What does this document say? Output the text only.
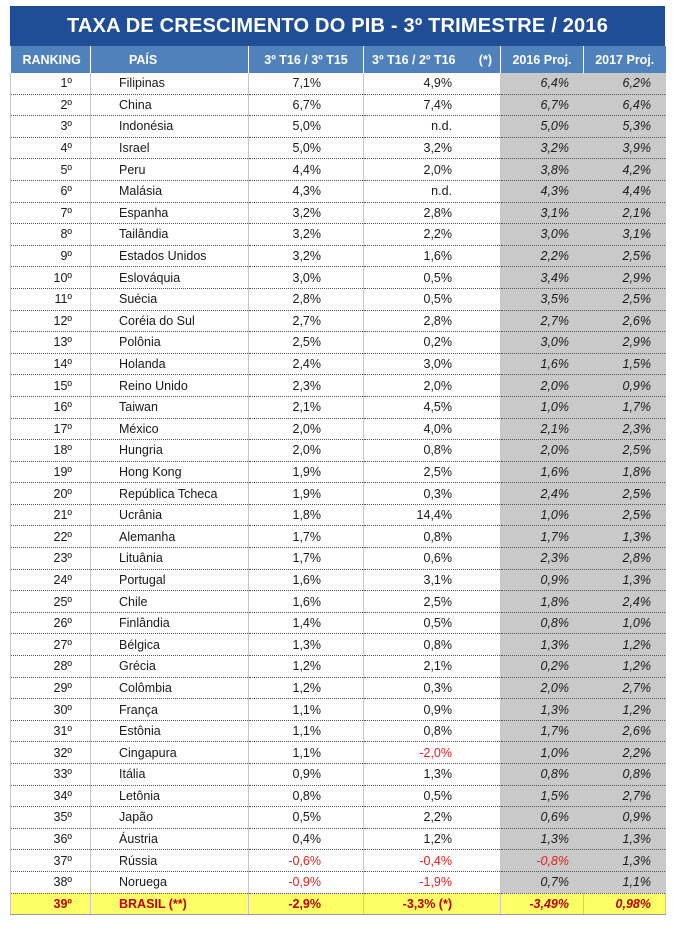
TAXA DE CRESCIMENTO DO PIB - 3º TRIMESTRE / 2016
RANKING	PAÍS	3º T16 / 3º T15	3º T16 / 2º T16 (*)	2016 Proj.	2017 Proj.
1º	Filipinas	7,1%	4,9%	6,4%	6,2%
2º	China	6,7%	7,4%	6,7%	6,4%
3º	Indonésia	5,0%	n.d.	5,0%	5,3%
4º	Israel	5,0%	3,2%	3,2%	3,9%
5º	Peru	4,4%	2,0%	3,8%	4,2%
6º	Malásia	4,3%	n.d.	4,3%	4,4%
7º	Espanha	3,2%	2,8%	3,1%	2,1%
8º	Tailândia	3,2%	2,2%	3,0%	3,1%
9º	Estados Unidos	3,2%	1,6%	2,2%	2,5%
10º	Eslováquia	3,0%	0,5%	3,4%	2,9%
11º	Suécia	2,8%	0,5%	3,5%	2,5%
12º	Coréia do Sul	2,7%	2,8%	2,7%	2,6%
13º	Polônia	2,5%	0,2%	3,0%	2,9%
14º	Holanda	2,4%	3,0%	1,6%	1,5%
15º	Reino Unido	2,3%	2,0%	2,0%	0,9%
16º	Taiwan	2,1%	4,5%	1,0%	1,7%
17º	México	2,0%	4,0%	2,1%	2,3%
18º	Hungria	2,0%	0,8%	2,0%	2,5%
19º	Hong Kong	1,9%	2,5%	1,6%	1,8%
20º	República Tcheca	1,9%	0,3%	2,4%	2,5%
21º	Ucrânia	1,8%	14,4%	1,0%	2,5%
22º	Alemanha	1,7%	0,8%	1,7%	1,3%
23º	Lituânia	1,7%	0,6%	2,3%	2,8%
24º	Portugal	1,6%	3,1%	0,9%	1,3%
25º	Chile	1,6%	2,5%	1,8%	2,4%
26º	Finlândia	1,4%	0,5%	0,8%	1,0%
27º	Bélgica	1,3%	0,8%	1,3%	1,2%
28º	Grécia	1,2%	2,1%	0,2%	1,2%
29º	Colômbia	1,2%	0,3%	2,0%	2,7%
30º	França	1,1%	0,9%	1,3%	1,2%
31º	Estônia	1,1%	0,8%	1,7%	2,6%
32º	Cingapura	1,1%	-2,0%	1,0%	2,2%
33º	Itália	0,9%	1,3%	0,8%	0,8%
34º	Letônia	0,8%	0,5%	1,5%	2,7%
35º	Japão	0,5%	2,2%	0,6%	0,9%
36º	Áustria	0,4%	1,2%	1,3%	1,3%
37º	Rússia	-0,6%	-0,4%	-0,8%	1,3%
38º	Noruega	-0,9%	-1,9%	0,7%	1,1%
39º	BRASIL (**)	-2,9%	-3,3% (*)	-3,49%	0,98%
